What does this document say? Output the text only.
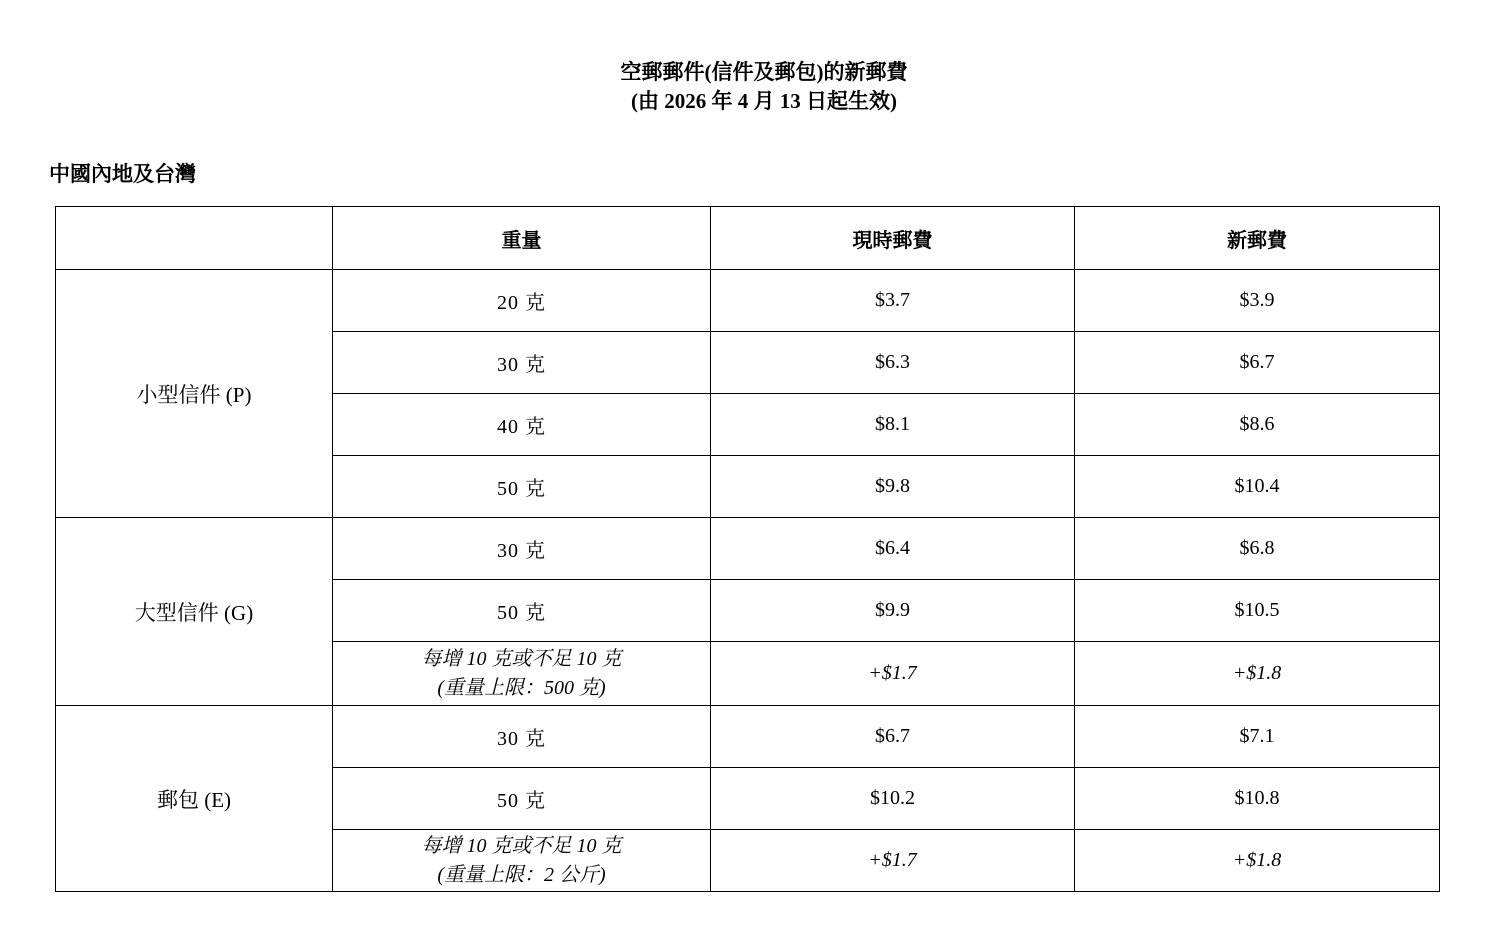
空郵郵件(信件及郵包)的新郵費
(由 2026 年 4 月 13 日起生效)
中國內地及台灣
	重量	現時郵費	新郵費
小型信件 (P)	20 克	$3.7	$3.9
	30 克	$6.3	$6.7
	40 克	$8.1	$8.6
	50 克	$9.8	$10.4
大型信件 (G)	30 克	$6.4	$6.8
	50 克	$9.9	$10.5

	每增 10 克或不足 10 克
(重量上限：500 克)	+$1.7	+$1.8
郵包 (E)	30 克	$6.7	$7.1
	50 克	$10.2	$10.8

	每增 10 克或不足 10 克
(重量上限：2 公斤)	+$1.7	+$1.8
